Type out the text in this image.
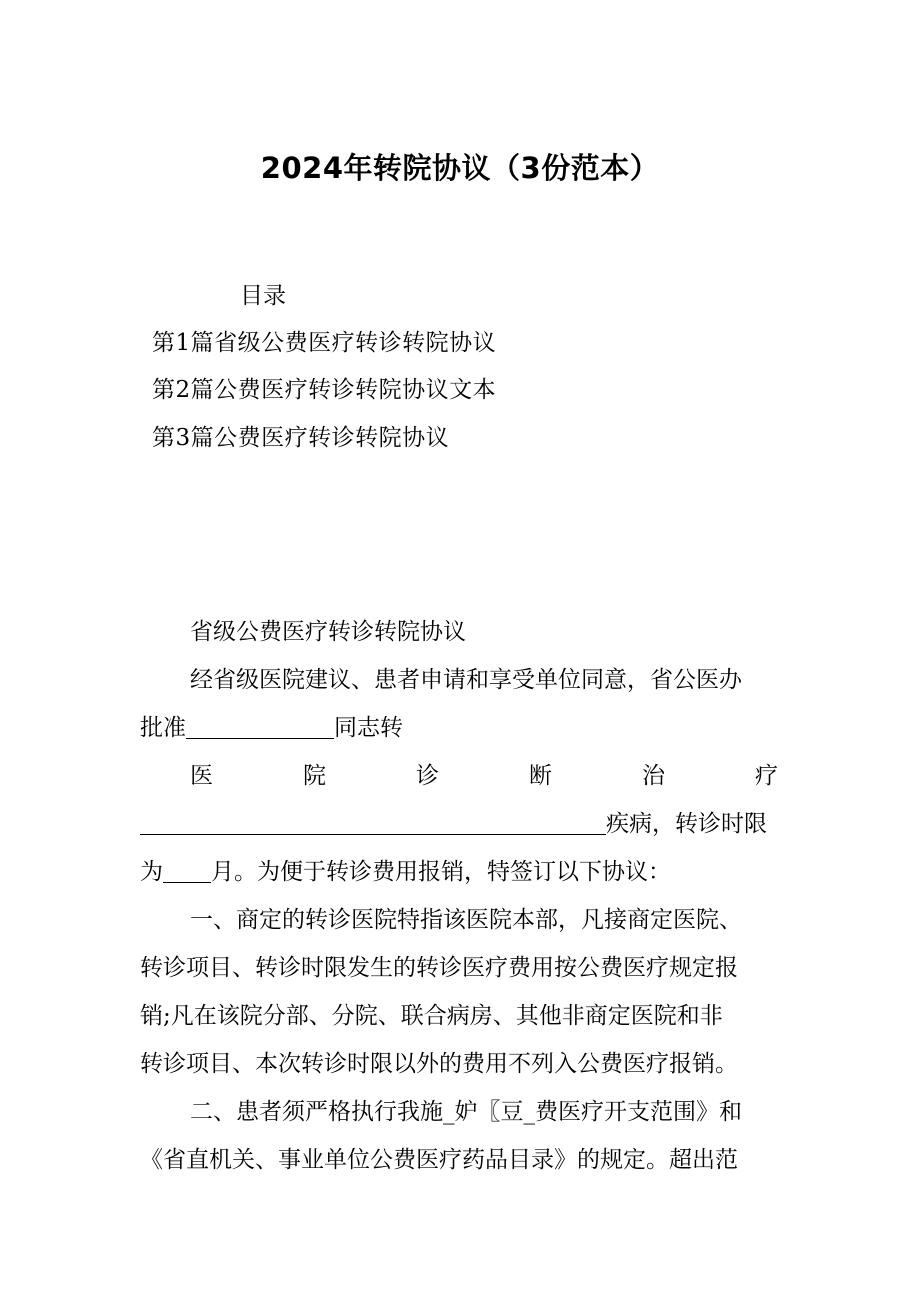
2024年转院协议（3份范本）
目录
第1篇省级公费医疗转诊转院协议
第2篇公费医疗转诊转院协议文本
第3篇公费医疗转诊转院协议
省级公费医疗转诊转院协议
经省级医院建议、患者申请和享受单位同意，省公医办
批准	同志转
医	院	诊	断	治	疗
疾病，转诊时限
为 月。为便于转诊费用报销，特签订以下协议：
一、商定的转诊医院特指该医院本部，凡接商定医院、
转诊项目、转诊时限发生的转诊医疗费用按公费医疗规定报
销;凡在该院分部、分院、联合病房、其他非商定医院和非
转诊项目、本次转诊时限以外的费用不列入公费医疗报销。
二、患者须严格执行我施_妒〖豆_费医疗开支范围》和
《省直机关、事业单位公费医疗药品目录》的规定。超出范
